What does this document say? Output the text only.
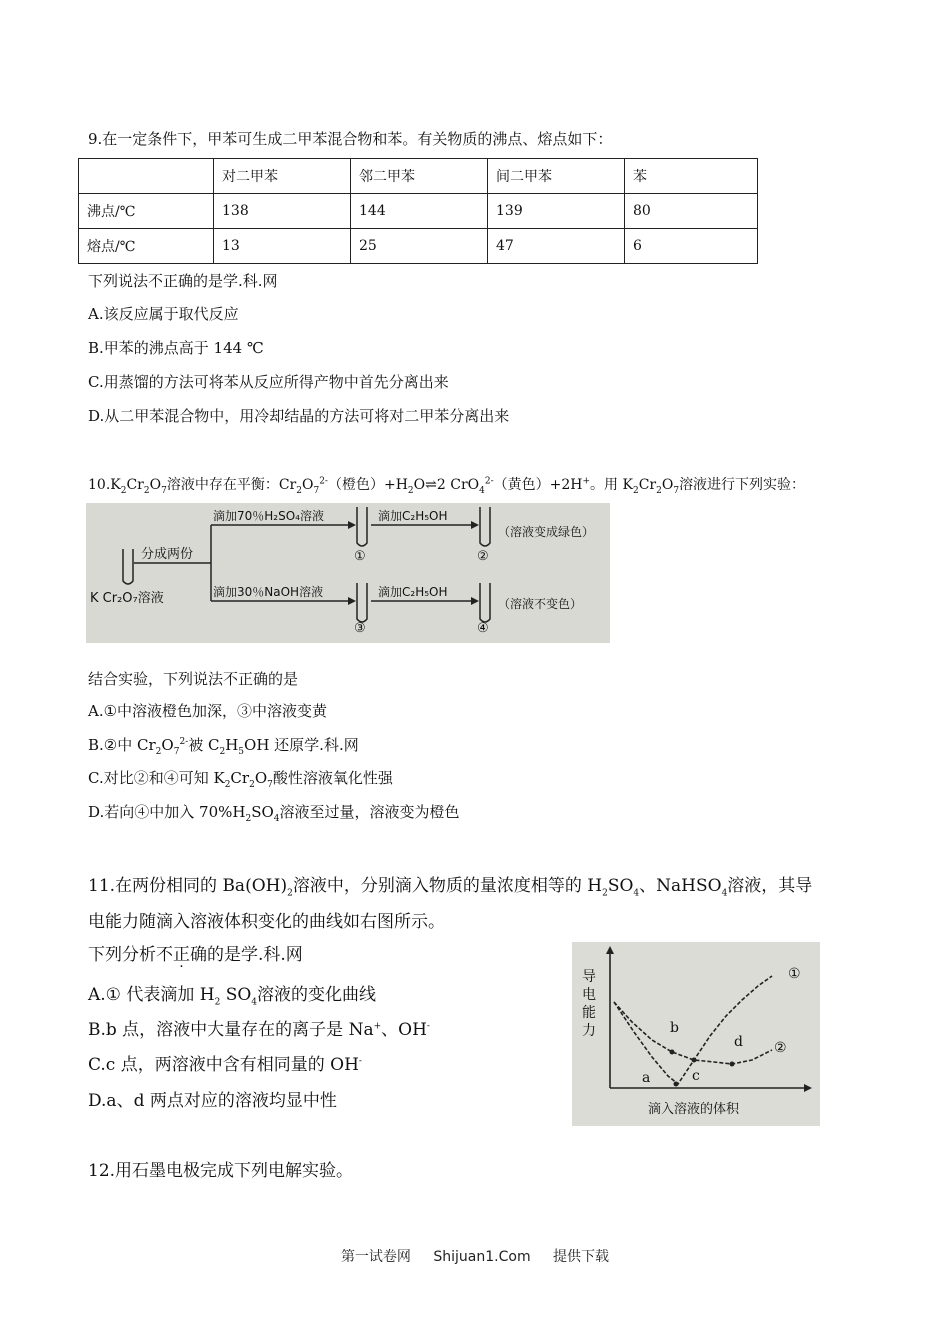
9.在一定条件下，甲苯可生成二甲苯混合物和苯。有关物质的沸点、熔点如下：
	对二甲苯	邻二甲苯	间二甲苯	苯
沸点/℃	138	144	139	80
熔点/℃	13	25	47	6
下列说法不正确的是学.科.网
A.该反应属于取代反应
B.甲苯的沸点高于 144 ℃
C.用蒸馏的方法可将苯从反应所得产物中首先分离出来
D.从二甲苯混合物中，用冷却结晶的方法可将对二甲苯分离出来
$10.K_2Cr_2O_7$溶液中存在平衡：$Cr_2O_7^{2-}$（橙色）$+H_2O\rightleftharpoons 2$ CrO$_4^{2-}$（黄色）+2H+。用 $K_2Cr_2O_7$溶液进行下列实验：
K Cr₂O₇溶液
分成两份
滴加70％H₂SO₄溶液
滴加30％NaOH溶液
滴加C₂H₅OH
滴加C₂H₅OH
（溶液变成绿色）
（溶液不变色）
①	②
③	④
结合实验，下列说法不正确的是
A.①中溶液橙色加深，③中溶液变黄
B.②中 $Cr_2O_7^{2-}$被 $C_2H_5OH$ 还原学.科.网
C.对比②和④可知 $K_2Cr_2O_7$酸性溶液氧化性强
D.若向④中加入 $70\%H_2SO_4$溶液至过量，溶液变为橙色
11.在两份相同的 $Ba(OH)_2$溶液中，分别滴入物质的量浓度相等的 $H_2SO_4$、NaHSO$_4$溶液，其导
电能力随滴入溶液体积变化的曲线如右图所示。
下列分析不正确的是学.科.网
A.① 代表滴加 $H_2$ $SO_4$溶液的变化曲线
B.b 点，溶液中大量存在的离子是 Na+、OH-
C.c 点，两溶液中含有相同量的 OH-
D.a、d 两点对应的溶液均显中性
导电能力
滴入溶液的体积
①
②
a
b
c
d
12.用石墨电极完成下列电解实验。
第一试卷网 Shijuan1.Com 提供下载
